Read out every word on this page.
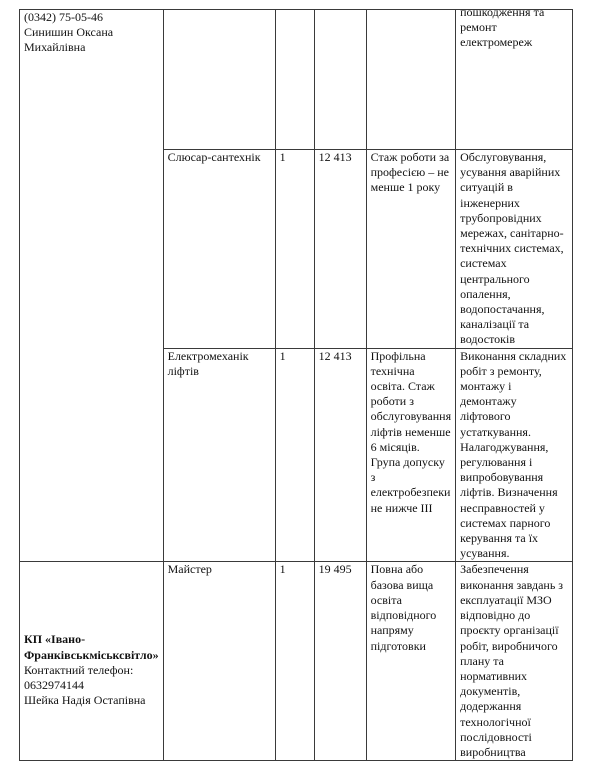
(0342) 75-05-46
Синишин Оксана Михайлівна					пошкодження та ремонт електромереж

	Слюсар-сантехнік	1	12 413	Стаж роботи за професією – не менше 1 року	Обслуговування, усування аварійних ситуацій в інженерних трубопровідних мережах, санітарно-технічних системах, системах центрального опалення, водопостачання, каналізації та водостоків
	Електромеханік ліфтів	1	12 413	Профільна технічна освіта. Стаж роботи з обслуговування ліфтів неменше 6 місяців. Група допуску з електробезпеки не нижче ІІІ	Виконання складних робіт з ремонту, монтажу і демонтажу ліфтового устаткування. Налагоджування, регулювання і випробовування ліфтів. Визначення несправностей у системах парного керування та їх усування.

КП «Івано-Франківськміськсвітло»
Контактний телефон:
0632974144
Шейка Надія Остапівна	Майстер	1	19 495	Повна або базова вища освіта відповідного напряму підготовки	Забезпечення виконання завдань з експлуатації МЗО відповідно до проєкту організації робіт, виробничого плану та нормативних документів, додержання технологічної послідовності виробництва
